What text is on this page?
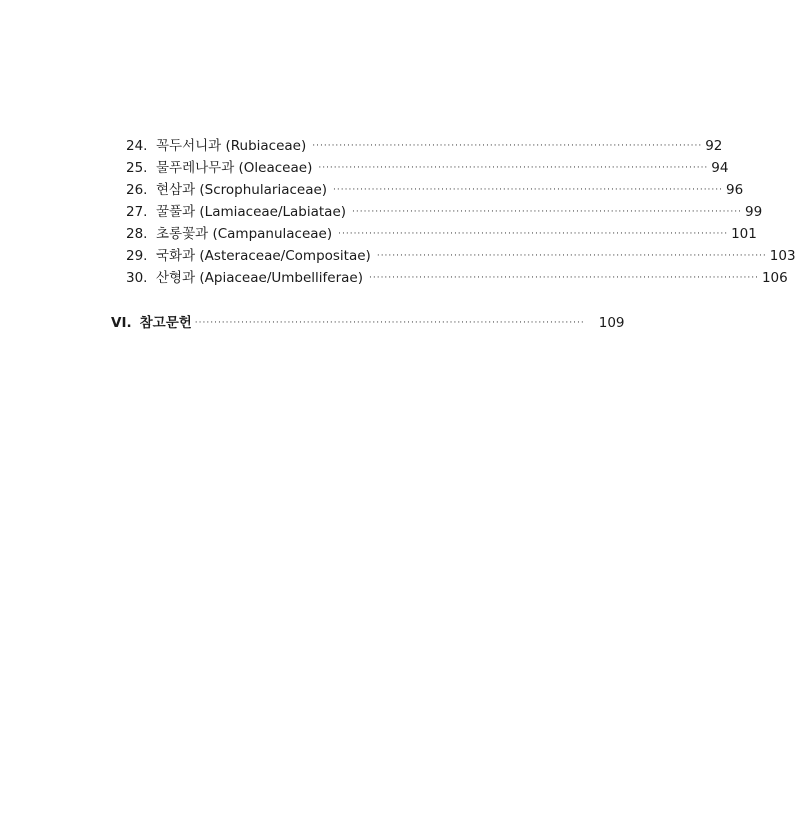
24. 꼭두서니과 (Rubiaceae) ····································································································· 92
25. 물푸레나무과 (Oleaceae) ····································································································· 94
26. 현삼과 (Scrophulariaceae) ····································································································· 96
27. 꿀풀과 (Lamiaceae/Labiatae) ····································································································· 99
28. 초롱꽃과 (Campanulaceae) ····································································································· 101
29. 국화과 (Asteraceae/Compositae) ····································································································· 103
30. 산형과 (Apiaceae/Umbelliferae) ····································································································· 106
VI. 참고문헌 ····································································································· 109
